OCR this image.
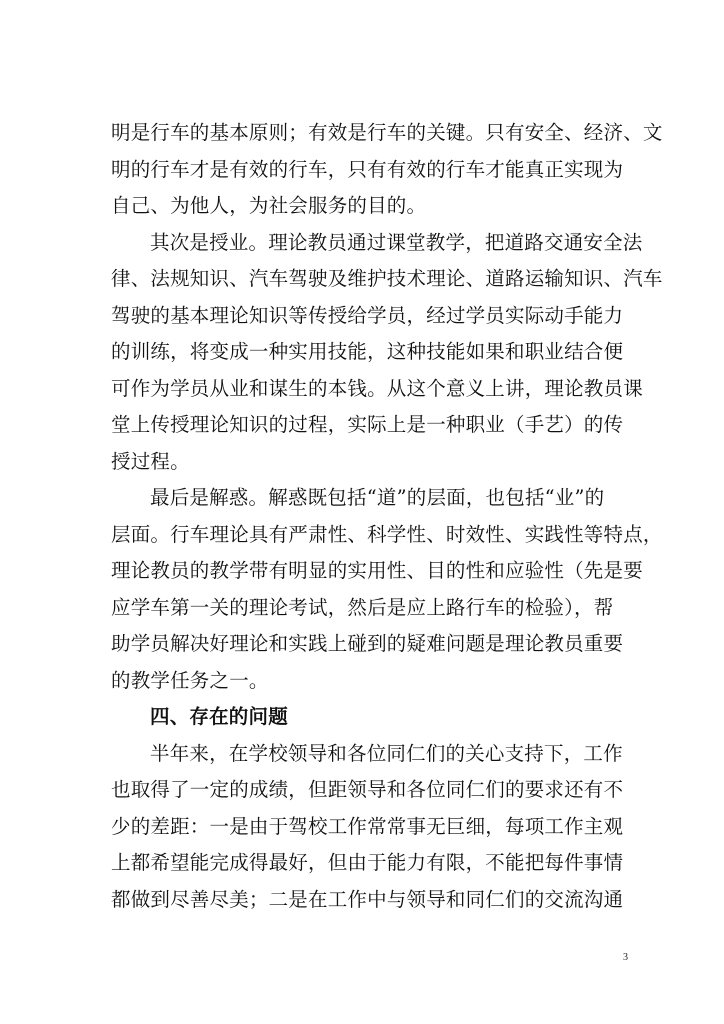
明是行车的基本原则；有效是行车的关键。只有安全、经济、文
明的行车才是有效的行车，只有有效的行车才能真正实现为
自己、为他人，为社会服务的目的。
其次是授业。理论教员通过课堂教学，把道路交通安全法
律、法规知识、汽车驾驶及维护技术理论、道路运输知识、汽车
驾驶的基本理论知识等传授给学员，经过学员实际动手能力
的训练，将变成一种实用技能，这种技能如果和职业结合便
可作为学员从业和谋生的本钱。从这个意义上讲，理论教员课
堂上传授理论知识的过程，实际上是一种职业（手艺）的传
授过程。
最后是解惑。解惑既包括“道”的层面，也包括“业”的
层面。行车理论具有严肃性、科学性、时效性、实践性等特点，
理论教员的教学带有明显的实用性、目的性和应验性（先是要
应学车第一关的理论考试，然后是应上路行车的检验），帮
助学员解决好理论和实践上碰到的疑难问题是理论教员重要
的教学任务之一。
四、存在的问题
半年来，在学校领导和各位同仁们的关心支持下，工作
也取得了一定的成绩，但距领导和各位同仁们的要求还有不
少的差距：一是由于驾校工作常常事无巨细，每项工作主观
上都希望能完成得最好，但由于能力有限，不能把每件事情
都做到尽善尽美；二是在工作中与领导和同仁们的交流沟通
3
